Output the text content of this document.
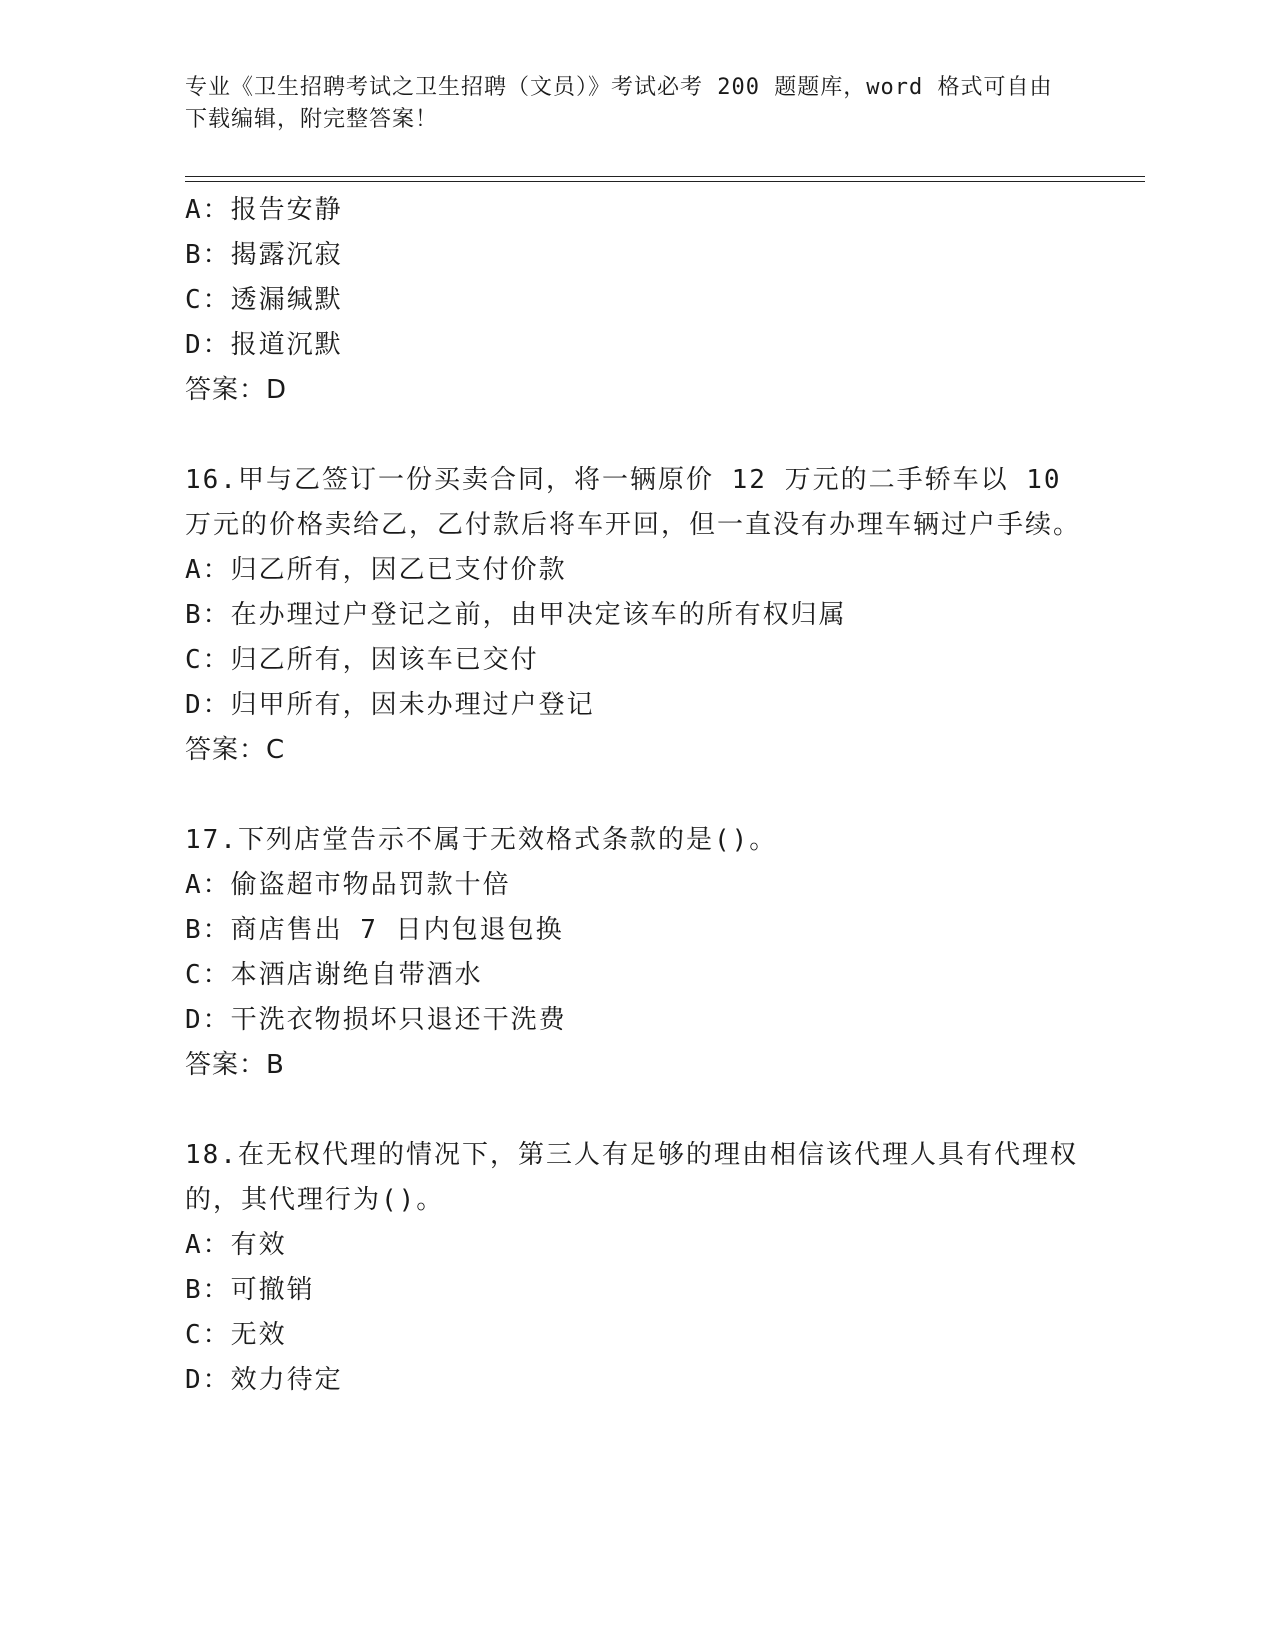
专业《卫生招聘考试之卫生招聘（文员）》考试必考 200 题题库，word 格式可自由下载编辑，附完整答案！
A：报告安静
B：揭露沉寂
C：透漏缄默
D：报道沉默
答案：D
16.甲与乙签订一份买卖合同，将一辆原价 12 万元的二手轿车以 10 万元的价格卖给乙，乙付款后将车开回，但一直没有办理车辆过户手续。
A：归乙所有，因乙已支付价款
B：在办理过户登记之前，由甲决定该车的所有权归属
C：归乙所有，因该车已交付
D：归甲所有，因未办理过户登记
答案：C
17.下列店堂告示不属于无效格式条款的是()。
A：偷盗超市物品罚款十倍
B：商店售出 7 日内包退包换
C：本酒店谢绝自带酒水
D：干洗衣物损坏只退还干洗费
答案：B
18.在无权代理的情况下，第三人有足够的理由相信该代理人具有代理权的，其代理行为()。
A：有效
B：可撤销
C：无效
D：效力待定
